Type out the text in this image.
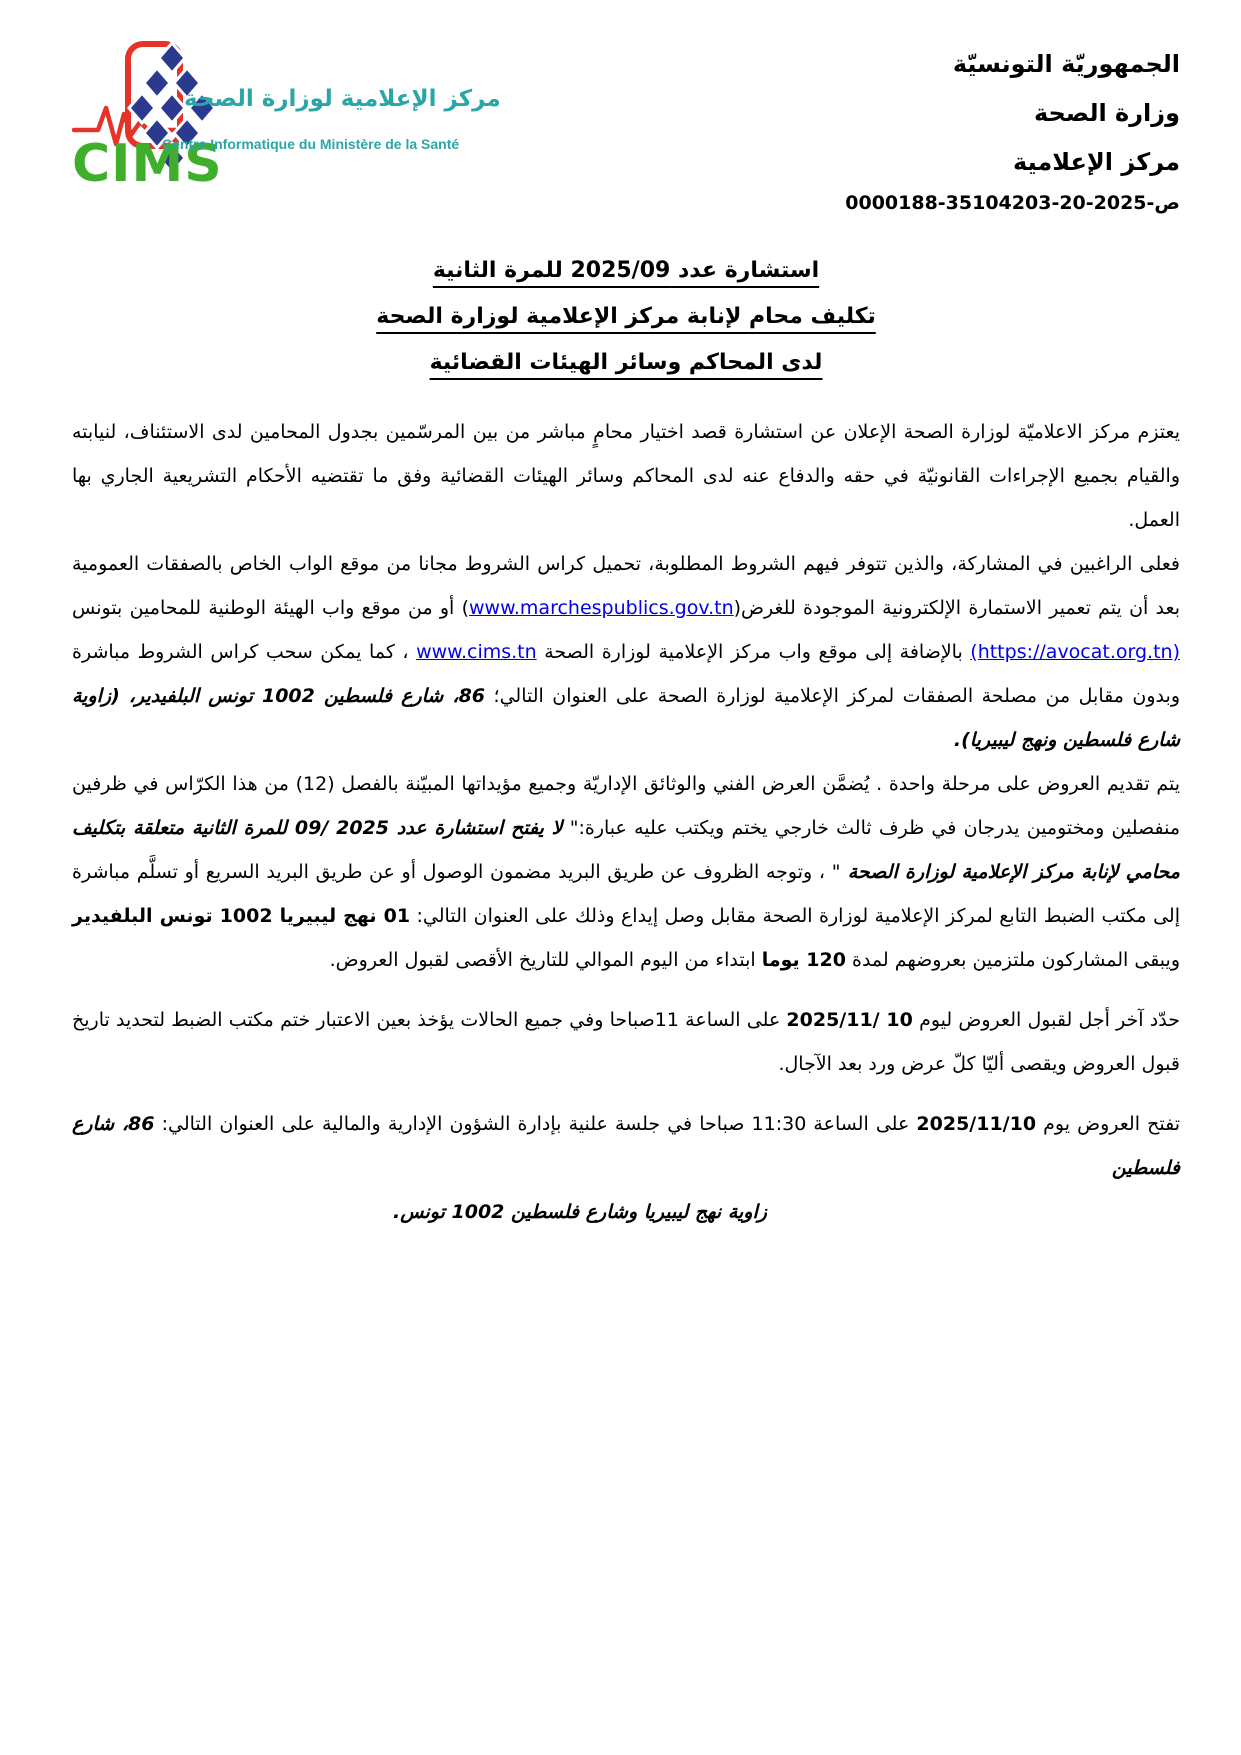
الجمهوريّة التونسيّة
وزارة الصحة
مركز الإعلامية
ص-0000188-35104203-20-2025
CIMS
مركز الإعلامية لوزارة الصحة
Centre Informatique du Ministère de la Santé
استشارة عدد 2025/09 للمرة الثانية
تكليف محام لإنابة مركز الإعلامية لوزارة الصحة
لدى المحاكم وسائر الهيئات القضائية

يعتزم مركز الاعلاميّة لوزارة الصحة الإعلان عن استشارة قصد اختيار محامٍ مباشر من بين المرسّمين بجدول المحامين لدى الاستئناف، لنيابته والقيام بجميع الإجراءات القانونيّة في حقه والدفاع عنه لدى المحاكم وسائر الهيئات القضائية وفق ما تقتضيه الأحكام التشريعية الجاري بها العمل.

فعلى الراغبين في المشاركة، والذين تتوفر فيهم الشروط المطلوبة، تحميل كراس الشروط مجانا من موقع الواب الخاص بالصفقات العمومية بعد أن يتم تعمير الاستمارة الإلكترونية الموجودة للغرض(www.marchespublics.gov.tn) أو من موقع واب الهيئة الوطنية للمحامين بتونس (https://avocat.org.tn) بالإضافة إلى موقع واب مركز الإعلامية لوزارة الصحة www.cims.tn ، كما يمكن سحب كراس الشروط مباشرة وبدون مقابل من مصلحة الصفقات لمركز الإعلامية لوزارة الصحة على العنوان التالي؛ 86، شارع فلسطين 1002 تونس البلفيدير، (زاوية شارع فلسطين ونهج ليبيريا).

يتم تقديم العروض على مرحلة واحدة . يُضمَّن العرض الفني والوثائق الإداريّة وجميع مؤيداتها المبيّنة بالفصل (12) من هذا الكرّاس في ظرفين منفصلين ومختومين يدرجان في ظرف ثالث خارجي يختم ويكتب عليه عبارة:" لا يفتح استشارة عدد 09/ 2025 للمرة الثانية متعلقة بتكليف محامي لإنابة مركز الإعلامية لوزارة الصحة " ، وتوجه الظروف عن طريق البريد مضمون الوصول أو عن طريق البريد السريع أو تسلَّم مباشرة إلى مكتب الضبط التابع لمركز الإعلامية لوزارة الصحة مقابل وصل إيداع وذلك على العنوان التالي: 01 نهج ليبيريا 1002 تونس البلفيدير ويبقى المشاركون ملتزمين بعروضهم لمدة 120 يوما ابتداء من اليوم الموالي للتاريخ الأقصى لقبول العروض.

حدّد آخر أجل لقبول العروض ليوم 2025/11/ 10 على الساعة 11صباحا وفي جميع الحالات يؤخذ بعين الاعتبار ختم مكتب الضبط لتحديد تاريخ قبول العروض ويقصى أليّا كلّ عرض ورد بعد الآجال.

تفتح العروض يوم 2025/11/10 على الساعة 11:30 صباحا في جلسة علنية بإدارة الشؤون الإدارية والمالية على العنوان التالي: 86، شارع فلسطين

زاوية نهج ليبيريا وشارع فلسطين 1002 تونس.
